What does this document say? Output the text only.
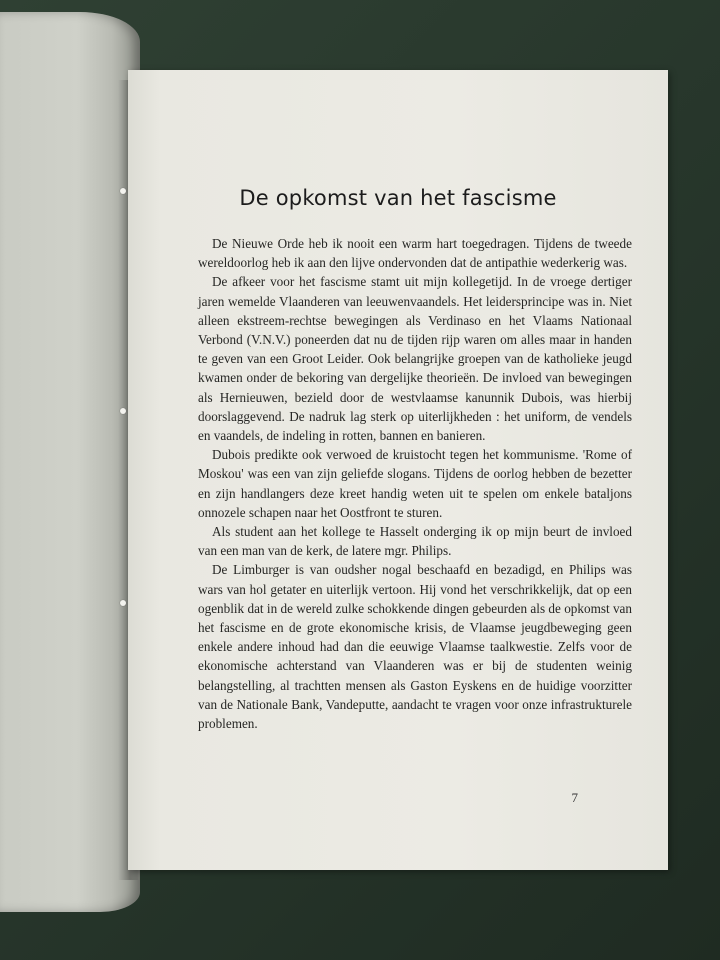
De opkomst van het fascisme

De Nieuwe Orde heb ik nooit een warm hart toegedragen. Tijdens de tweede wereldoorlog heb ik aan den lijve ondervonden dat de antipathie wederkerig was.

De afkeer voor het fascisme stamt uit mijn kollegetijd. In de vroege dertiger jaren wemelde Vlaanderen van leeuwenvaandels. Het leidersprincipe was in. Niet alleen ekstreem-rechtse bewegingen als Verdinaso en het Vlaams Nationaal Verbond (V.N.V.) poneerden dat nu de tijden rijp waren om alles maar in handen te geven van een Groot Leider. Ook belangrijke groepen van de katholieke jeugd kwamen onder de bekoring van dergelijke theorieën. De invloed van bewegingen als Hernieuwen, bezield door de westvlaamse kanunnik Dubois, was hierbij doorslaggevend. De nadruk lag sterk op uiterlijkheden : het uniform, de vendels en vaandels, de indeling in rotten, bannen en banieren.

Dubois predikte ook verwoed de kruistocht tegen het kommunisme. 'Rome of Moskou' was een van zijn geliefde slogans. Tijdens de oorlog hebben de bezetter en zijn handlangers deze kreet handig weten uit te spelen om enkele bataljons onnozele schapen naar het Oostfront te sturen.

Als student aan het kollege te Hasselt onderging ik op mijn beurt de invloed van een man van de kerk, de latere mgr. Philips.

De Limburger is van oudsher nogal beschaafd en bezadigd, en Philips was wars van hol getater en uiterlijk vertoon. Hij vond het verschrikkelijk, dat op een ogenblik dat in de wereld zulke schokkende dingen gebeurden als de opkomst van het fascisme en de grote ekonomische krisis, de Vlaamse jeugdbeweging geen enkele andere inhoud had dan die eeuwige Vlaamse taalkwestie. Zelfs voor de ekonomische achterstand van Vlaanderen was er bij de studenten weinig belangstelling, al trachtten mensen als Gaston Eyskens en de huidige voorzitter van de Nationale Bank, Vandeputte, aandacht te vragen voor onze infrastrukturele problemen.

7
